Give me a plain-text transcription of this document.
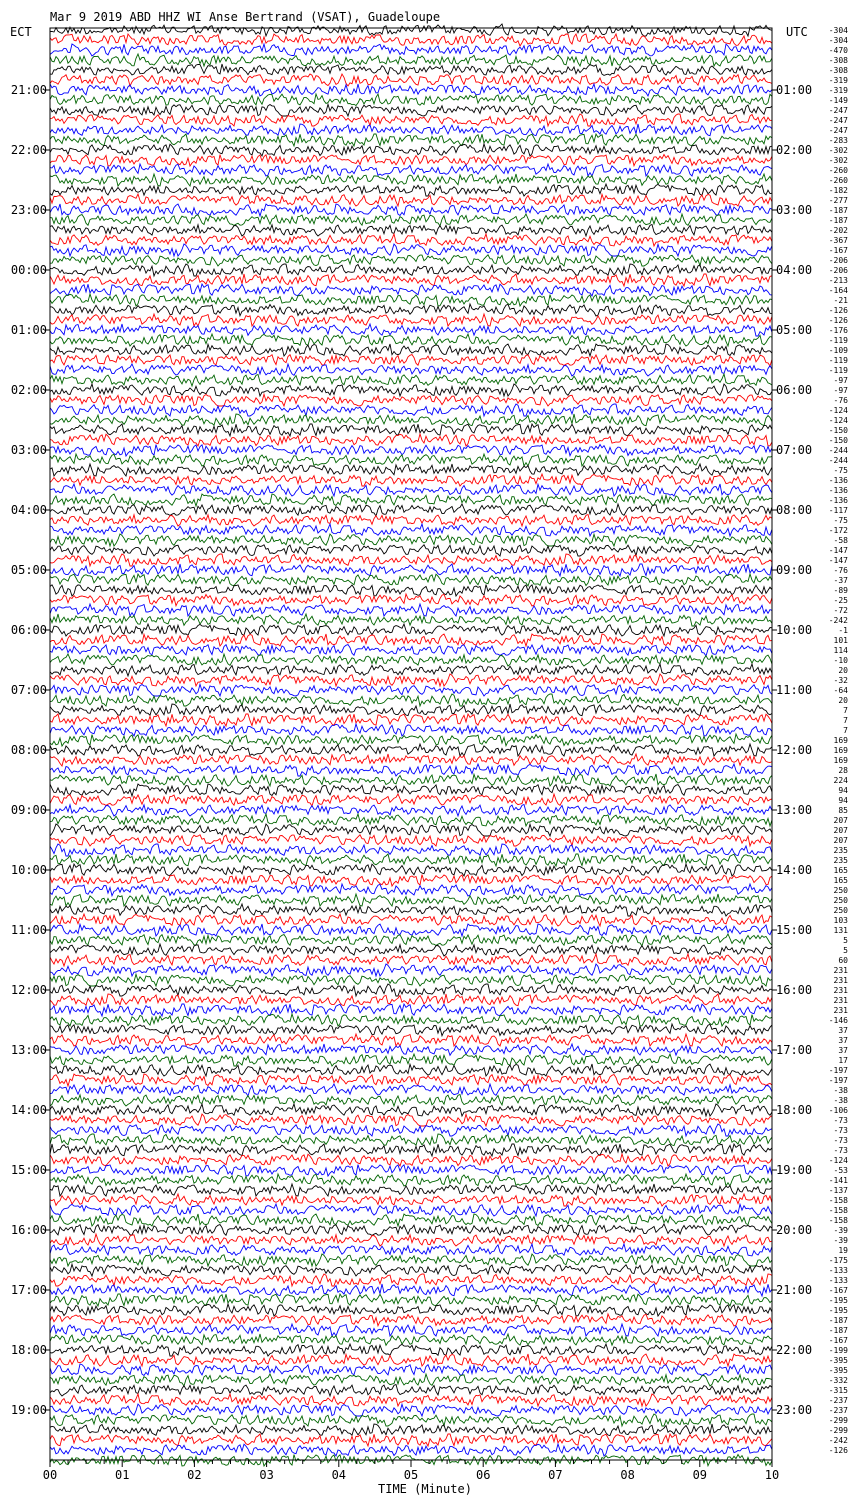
Mar 9 2019 ABD HHZ WI Anse Bertrand (VSAT), Guadeloupe
ECT	UTC
TIME (Minute)
00	01	02	03	04	05	06	07	08	09	10
21:00
22:00
23:00
00:00
01:00
02:00
03:00
04:00
05:00
06:00
07:00
08:00
09:00
10:00
11:00
12:00
13:00
14:00
15:00
16:00
17:00
18:00
19:00
01:00
02:00
03:00
04:00
05:00
06:00
07:00
08:00
09:00
10:00
11:00
12:00
13:00
14:00
15:00
16:00
17:00
18:00
19:00
20:00
21:00
22:00
23:00
-304
-304
-470
-308
-308
-319
-319
-149
-247
-247
-247
-283
-302
-302
-260
-260
-182
-277
-187
-187
-202
-367
-167
-206
-206
-213
-164
-21
-126
-126
-176
-119
-109
-119
-119
-97
-97
-76
-124
-124
-150
-150
-244
-244
-75
-136
-136
-136
-117
-75
-172
-58
-147
-147
-76
-37
-89
-25
-72
-242
-1
101
114
-10
20
-32
-64
20
7
7
7
169
169
169
28
224
94
94
85
207
207
207
235
235
165
165
250
250
250
103
131
5
5
60
231
231
231
231
231
-146
37
37
37
17
-197
-197
-38
-38
-106
-73
-73
-73
-73
-124
-53
-141
-137
-158
-158
-158
-39
-39
19
-175
-133
-133
-167
-195
-195
-187
-187
-167
-199
-395
-395
-332
-315
-237
-237
-299
-299
-242
-126
